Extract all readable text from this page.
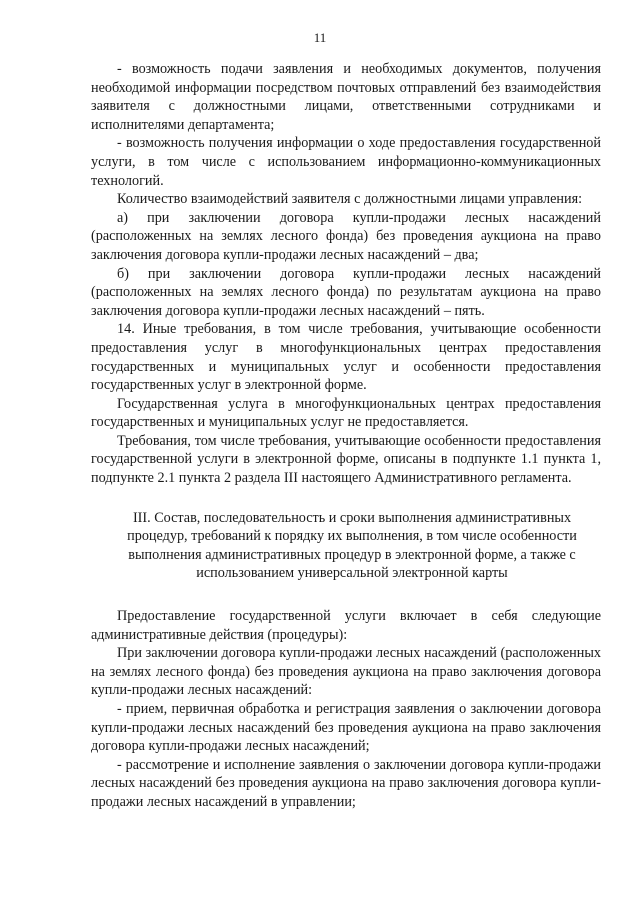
11

- возможность подачи заявления и необходимых документов, получения необходимой информации посредством почтовых отправлений без взаимодействия заявителя с должностными лицами, ответственными сотрудниками и исполнителями департамента;

- возможность получения информации о ходе предоставления государственной услуги, в том числе с использованием информационно-коммуникационных технологий.

Количество взаимодействий заявителя с должностными лицами управления:

а) при заключении договора купли-продажи лесных насаждений (расположенных на землях лесного фонда) без проведения аукциона на право заключения договора купли-продажи лесных насаждений – два;

б) при заключении договора купли-продажи лесных насаждений (расположенных на землях лесного фонда) по результатам аукциона на право заключения договора купли-продажи лесных насаждений – пять.

14. Иные требования, в том числе требования, учитывающие особенности предоставления услуг в многофункциональных центрах предоставления государственных и муниципальных услуг и особенности предоставления государственных услуг в электронной форме.

Государственная услуга в многофункциональных центрах предоставления государственных и муниципальных услуг не предоставляется.

Требования, том числе требования, учитывающие особенности предоставления государственной услуги в электронной форме, описаны в подпункте 1.1 пункта 1, подпункте 2.1 пункта 2 раздела III настоящего Административного регламента.

III. Состав, последовательность и сроки выполнения административных процедур, требований к порядку их выполнения, в том числе особенности выполнения административных процедур в электронной форме, а также с использованием универсальной электронной карты

Предоставление государственной услуги включает в себя следующие административные действия (процедуры):

При заключении договора купли-продажи лесных насаждений (расположенных на землях лесного фонда) без проведения аукциона на право заключения договора купли-продажи лесных насаждений:

- прием, первичная обработка и регистрация заявления о заключении договора купли-продажи лесных насаждений без проведения аукциона на право заключения договора купли-продажи лесных насаждений;

- рассмотрение и исполнение заявления о заключении договора купли-продажи лесных насаждений без проведения аукциона на право заключения договора купли-продажи лесных насаждений в управлении;
